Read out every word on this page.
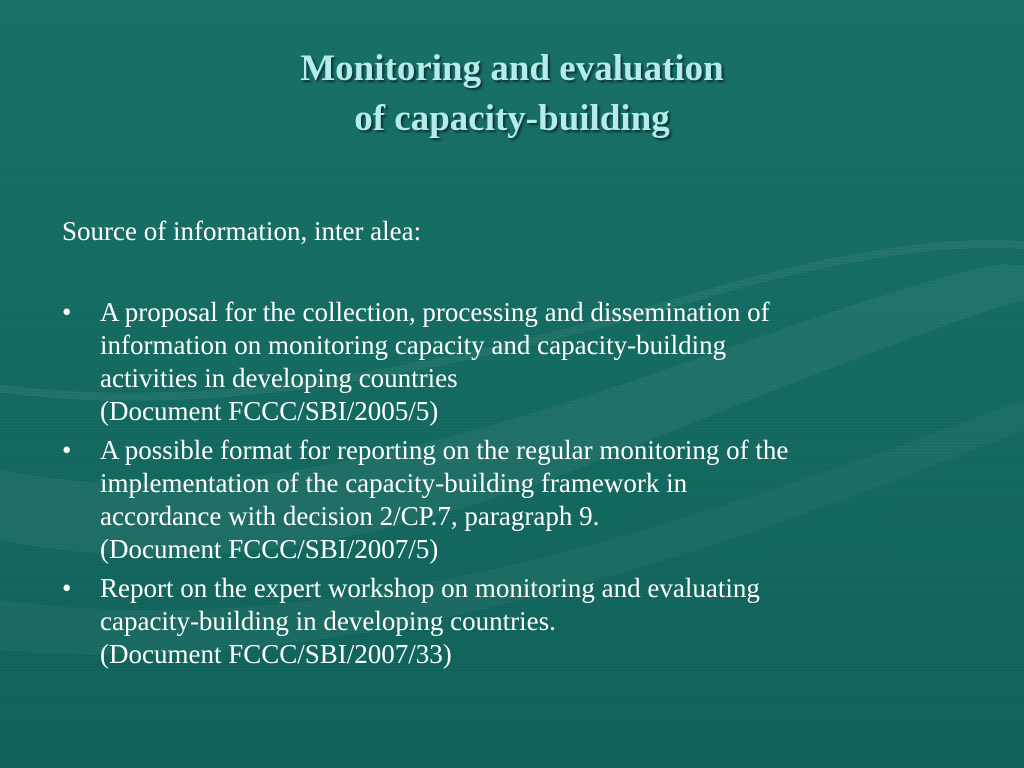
Monitoring and evaluation
of capacity-building
Source of information, inter alea:
•	A proposal for the collection, processing and dissemination of
information on monitoring capacity and capacity-building
activities in developing countries
(Document FCCC/SBI/2005/5)
•	A possible format for reporting on the regular monitoring of the
implementation of the capacity-building framework in
accordance with decision 2/CP.7, paragraph 9.
(Document FCCC/SBI/2007/5)
•	Report on the expert workshop on monitoring and evaluating
capacity-building in developing countries.
(Document FCCC/SBI/2007/33)
